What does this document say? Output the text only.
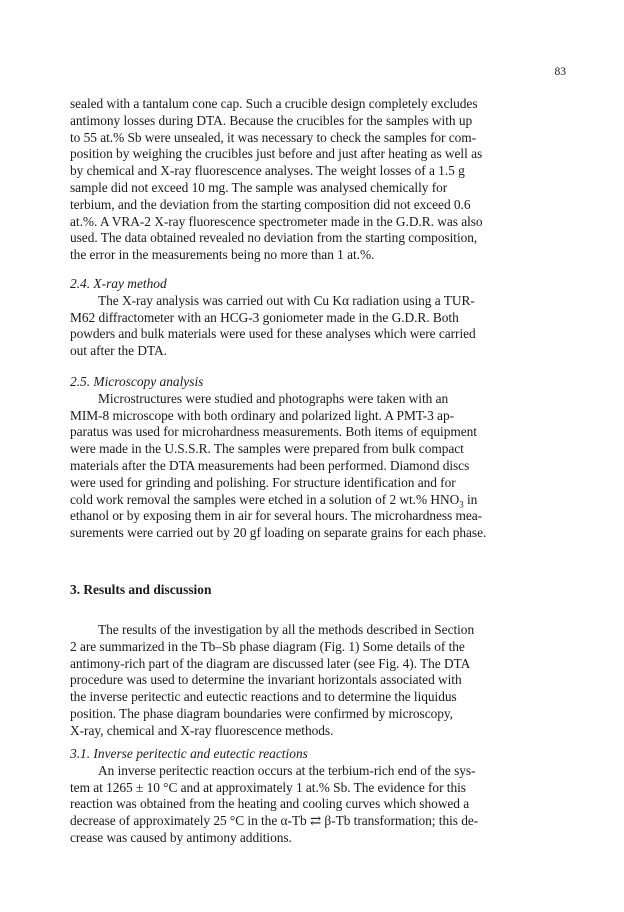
83
sealed with a tantalum cone cap. Such a crucible design completely excludes
antimony losses during DTA. Because the crucibles for the samples with up
to 55 at.% Sb were unsealed, it was necessary to check the samples for com-
position by weighing the crucibles just before and just after heating as well as
by chemical and X-ray fluorescence analyses. The weight losses of a 1.5 g
sample did not exceed 10 mg. The sample was analysed chemically for
terbium, and the deviation from the starting composition did not exceed 0.6
at.%. A VRA-2 X-ray fluorescence spectrometer made in the G.D.R. was also
used. The data obtained revealed no deviation from the starting composition,
the error in the measurements being no more than 1 at.%.
2.4. X-ray method
The X-ray analysis was carried out with Cu Kα radiation using a TUR-
M62 diffractometer with an HCG-3 goniometer made in the G.D.R. Both
powders and bulk materials were used for these analyses which were carried
out after the DTA.
2.5. Microscopy analysis
Microstructures were studied and photographs were taken with an
MIM-8 microscope with both ordinary and polarized light. A PMT-3 ap-
paratus was used for microhardness measurements. Both items of equipment
were made in the U.S.S.R. The samples were prepared from bulk compact
materials after the DTA measurements had been performed. Diamond discs
were used for grinding and polishing. For structure identification and for
cold work removal the samples were etched in a solution of 2 wt.% $HNO_3$ in
ethanol or by exposing them in air for several hours. The microhardness mea-
surements were carried out by 20 gf loading on separate grains for each phase.
3. Results and discussion
The results of the investigation by all the methods described in Section
2 are summarized in the Tb–Sb phase diagram (Fig. 1) Some details of the
antimony-rich part of the diagram are discussed later (see Fig. 4). The DTA
procedure was used to determine the invariant horizontals associated with
the inverse peritectic and eutectic reactions and to determine the liquidus
position. The phase diagram boundaries were confirmed by microscopy,
X-ray, chemical and X-ray fluorescence methods.
3.1. Inverse peritectic and eutectic reactions
An inverse peritectic reaction occurs at the terbium-rich end of the sys-
tem at 1265 ± 10 °C and at approximately 1 at.% Sb. The evidence for this
reaction was obtained from the heating and cooling curves which showed a
decrease of approximately 25 °C in the α-Tb ⇄ β-Tb transformation; this de-
crease was caused by antimony additions.
